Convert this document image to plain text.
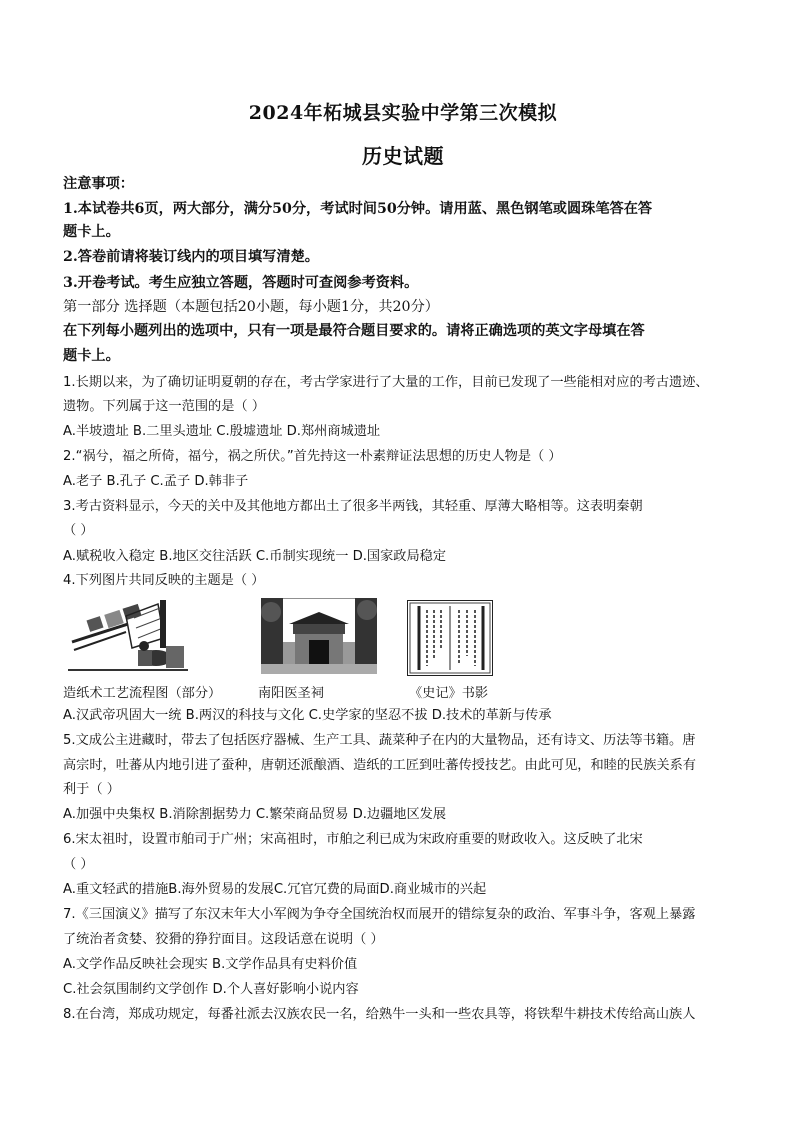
2024年柘城县实验中学第三次模拟
历史试题
注意事项：
1.本试卷共6页，两大部分，满分50分，考试时间50分钟。请用蓝、黑色钢笔或圆珠笔答在答
题卡上。
2.答卷前请将装订线内的项目填写清楚。
3.开卷考试。考生应独立答题，答题时可查阅参考资料。
第一部分 选择题（本题包括20小题，每小题1分，共20分）
在下列每小题列出的选项中，只有一项是最符合题目要求的。请将正确选项的英文字母填在答
题卡上。
1.长期以来，为了确切证明夏朝的存在，考古学家进行了大量的工作，目前已发现了一些能相对应的考古遗迹、
遗物。下列属于这一范围的是（ ）
A.半坡遗址 B.二里头遗址 C.殷墟遗址 D.郑州商城遗址
2.“祸兮，福之所倚，福兮，祸之所伏。”首先持这一朴素辩证法思想的历史人物是（ ）
A.老子 B.孔子 C.孟子 D.韩非子
3.考古资料显示，今天的关中及其他地方都出土了很多半两钱，其轻重、厚薄大略相等。这表明秦朝
（ ）
A.赋税收入稳定 B.地区交往活跃 C.币制实现统一 D.国家政局稳定
4.下列图片共同反映的主题是（ ）
造纸术工艺流程图（部分）	南阳医圣祠	《史记》书影
A.汉武帝巩固大一统 B.两汉的科技与文化 C.史学家的坚忍不拔 D.技术的革新与传承
5.文成公主进藏时，带去了包括医疗器械、生产工具、蔬菜种子在内的大量物品，还有诗文、历法等书籍。唐
高宗时，吐蕃从内地引进了蚕种，唐朝还派酿酒、造纸的工匠到吐蕃传授技艺。由此可见，和睦的民族关系有
利于（ ）
A.加强中央集权 B.消除割据势力 C.繁荣商品贸易 D.边疆地区发展
6.宋太祖时，设置市舶司于广州；宋高祖时，市舶之利已成为宋政府重要的财政收入。这反映了北宋
（ ）
A.重文轻武的措施B.海外贸易的发展C.冗官冗费的局面D.商业城市的兴起
7.《三国演义》描写了东汉末年大小军阀为争夺全国统治权而展开的错综复杂的政治、军事斗争，客观上暴露
了统治者贪婪、狡猾的狰狞面目。这段话意在说明（ ）
A.文学作品反映社会现实 B.文学作品具有史料价值
C.社会氛围制约文学创作 D.个人喜好影响小说内容
8.在台湾，郑成功规定，每番社派去汉族农民一名，给熟牛一头和一些农具等，将铁犁牛耕技术传给高山族人
